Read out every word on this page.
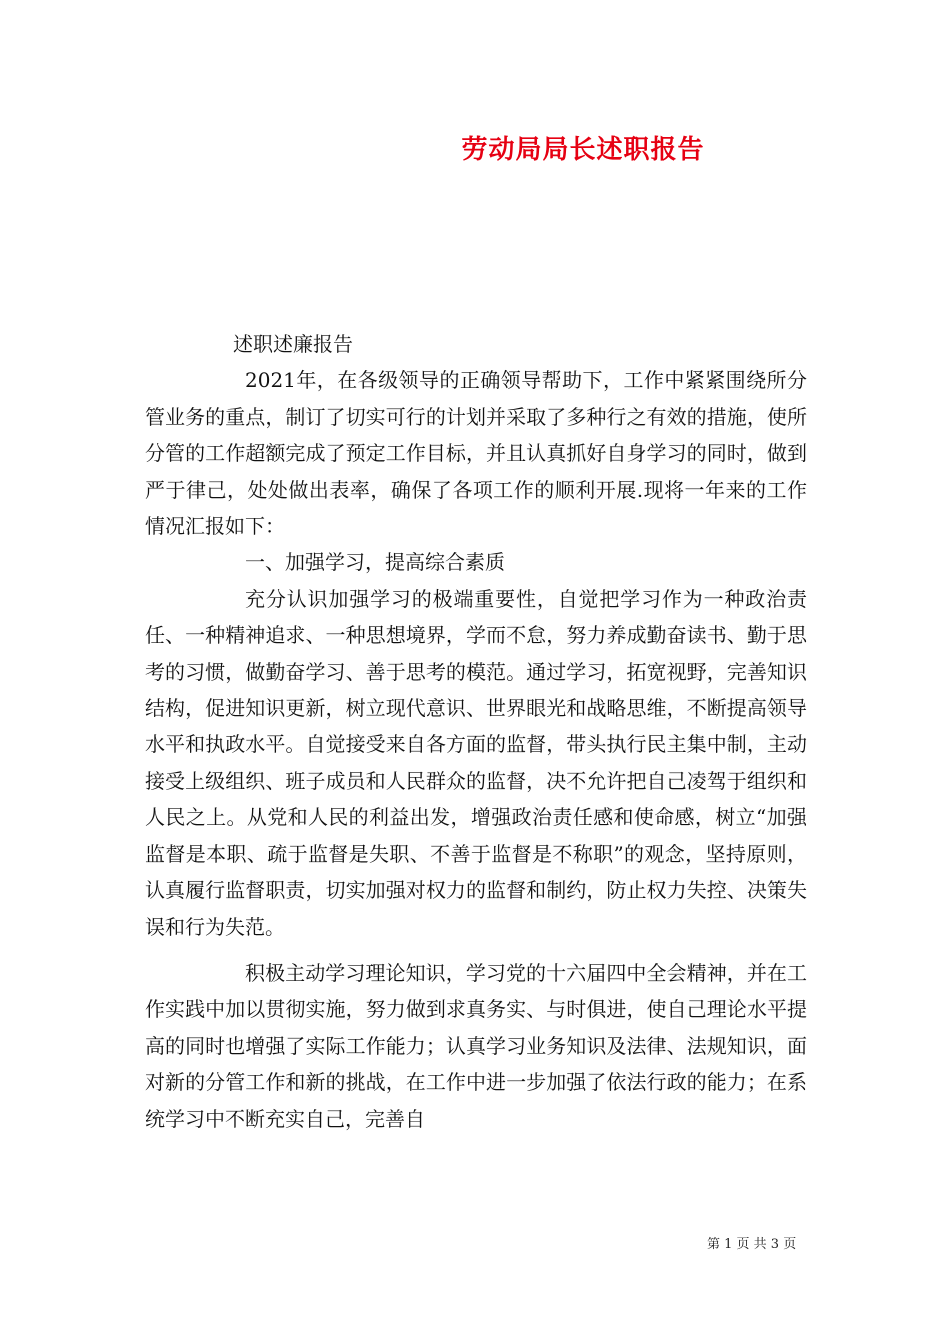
劳动局局长述职报告
述职述廉报告

2021年，在各级领导的正确领导帮助下，工作中紧紧围绕所分管业务的重点，制订了切实可行的计划并采取了多种行之有效的措施，使所分管的工作超额完成了预定工作目标，并且认真抓好自身学习的同时，做到严于律己，处处做出表率，确保了各项工作的顺利开展.现将一年来的工作情况汇报如下：

一、加强学习，提高综合素质

充分认识加强学习的极端重要性，自觉把学习作为一种政治责任、一种精神追求、一种思想境界，学而不怠，努力养成勤奋读书、勤于思考的习惯，做勤奋学习、善于思考的模范。通过学习，拓宽视野，完善知识结构，促进知识更新，树立现代意识、世界眼光和战略思维，不断提高领导水平和执政水平。自觉接受来自各方面的监督，带头执行民主集中制，主动接受上级组织、班子成员和人民群众的监督，决不允许把自己凌驾于组织和人民之上。从党和人民的利益出发，增强政治责任感和使命感，树立“加强监督是本职、疏于监督是失职、不善于监督是不称职”的观念，坚持原则，认真履行监督职责，切实加强对权力的监督和制约，防止权力失控、决策失误和行为失范。

积极主动学习理论知识，学习党的十六届四中全会精神，并在工作实践中加以贯彻实施，努力做到求真务实、与时俱进，使自己理论水平提高的同时也增强了实际工作能力；认真学习业务知识及法律、法规知识，面对新的分管工作和新的挑战，在工作中进一步加强了依法行政的能力；在系统学习中不断充实自己，完善自

第 1 页 共 3 页
